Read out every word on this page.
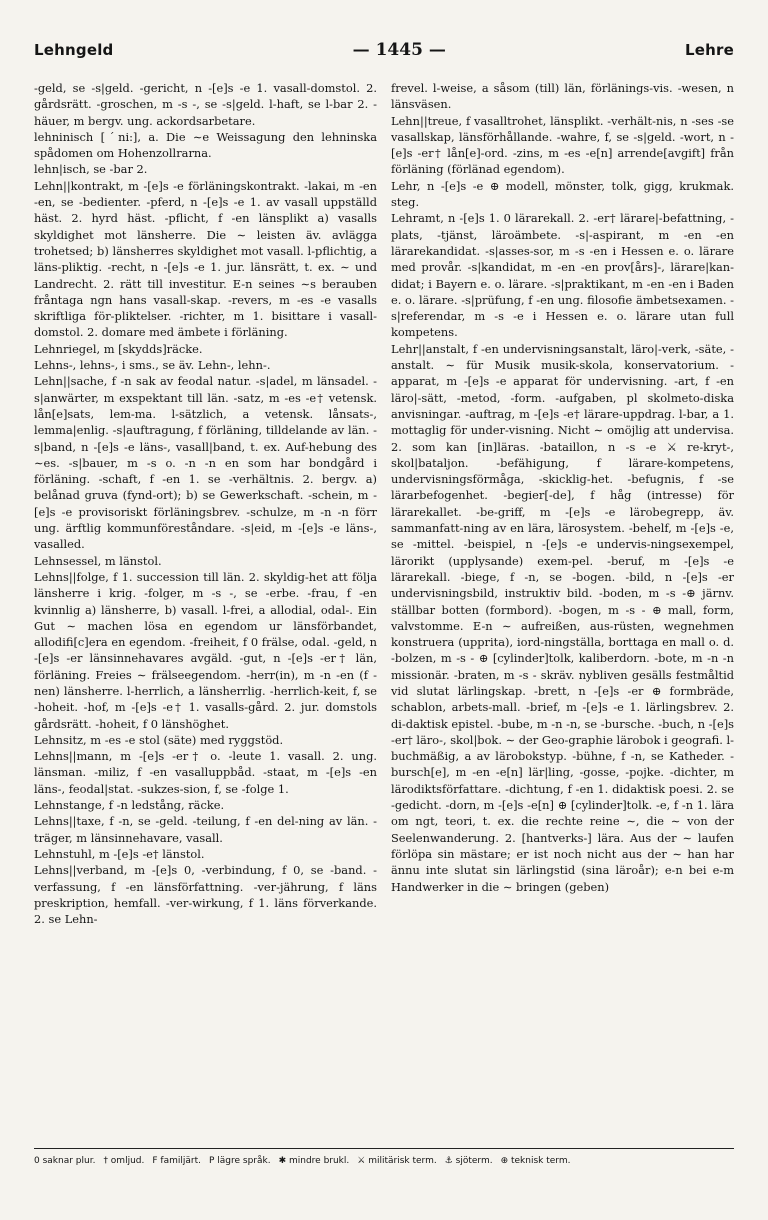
Lehngeld	— 1445 —	Lehre

-geld, se -s|geld. -gericht, n -[e]s -e 1. vasall-domstol. 2. gårdsrätt. -groschen, m -s -, se -s|geld. l-haft, se l-bar 2. -häuer, m bergv. ung. ackordsarbetare.

lehninisch [ˊni:], a. Die ∼e Weissagung den lehninska spådomen om Hohenzollrarna.

lehn|isch, se -bar 2.

Lehn||kontrakt, m -[e]s -e förläningskontrakt. -lakai, m -en -en, se -bedienter. -pferd, n -[e]s -e 1. av vasall uppställd häst. 2. hyrd häst. -pflicht, f -en länsplikt a) vasalls skyldighet mot länsherre. Die ∼ leisten äv. avlägga trohetsed; b) länsherres skyldighet mot vasall. l-pflichtig, a läns-pliktig. -recht, n -[e]s -e 1. jur. länsrätt, t. ex. ∼ und Landrecht. 2. rätt till investitur. E-n seines ∼s berauben fråntaga ngn hans vasall-skap. -revers, m -es -e vasalls skriftliga för-pliktelser. -richter, m 1. bisittare i vasall-domstol. 2. domare med ämbete i förläning.

Lehnriegel, m [skydds]räcke.

Lehns-, lehns-, i sms., se äv. Lehn-, lehn-.

Lehn||sache, f -n sak av feodal natur. -s|adel, m länsadel. -s|anwärter, m exspektant till län. -satz, m -es -e† vetensk. lån[e]sats, lem-ma. l-sätzlich, a vetensk. lånsats-, lemma|enlig. -s|auftragung, f förläning, tilldelande av län. -s|band, n -[e]s -e läns-, vasall|band, t. ex. Auf-hebung des ∼es. -s|bauer, m -s o. -n -n en som har bondgård i förläning. -schaft, f -en 1. se -verhältnis. 2. bergv. a) belånad gruva (fynd-ort); b) se Gewerkschaft. -schein, m -[e]s -e provisoriskt förläningsbrev. -schulze, m -n -n förr ung. ärftlig kommunföreståndare. -s|eid, m -[e]s -e läns-, vasalled.

Lehnsessel, m länstol.

Lehns||folge, f 1. succession till län. 2. skyldig-het att följa länsherre i krig. -folger, m -s -, se -erbe. -frau, f -en kvinnlig a) länsherre, b) vasall. l-frei, a allodial, odal-. Ein Gut ∼ machen lösa en egendom ur länsförbandet, allodifi[c]era en egendom. -freiheit, f 0 frälse, odal. -geld, n -[e]s -er länsinnehavares avgäld. -gut, n -[e]s -er† län, förläning. Freies ∼ frälseegendom. -herr(in), m -n -en (f -nen) länsherre. l-herrlich, a länsherrlig. -herrlich-keit, f, se -hoheit. -hof, m -[e]s -e† 1. vasalls-gård. 2. jur. domstols gårdsrätt. -hoheit, f 0 länshöghet.

Lehnsitz, m -es -e stol (säte) med ryggstöd.

Lehns||mann, m -[e]s -er† o. -leute 1. vasall. 2. ung. länsman. -miliz, f -en vasalluppbåd. -staat, m -[e]s -en läns-, feodal|stat. -sukzes-sion, f, se -folge 1.

Lehnstange, f -n ledstång, räcke.

Lehns||taxe, f -n, se -geld. -teilung, f -en del-ning av län. -träger, m länsinnehavare, vasall.

Lehnstuhl, m -[e]s -e† länstol.

Lehns||verband, m -[e]s 0, -verbindung, f 0, se -band. -verfassung, f -en länsförfattning. -ver-jährung, f läns preskription, hemfall. -ver-wirkung, f 1. läns förverkande. 2. se Lehn-

frevel. l-weise, a såsom (till) län, förlänings-vis. -wesen, n länsväsen.

Lehn||treue, f vasalltrohet, länsplikt. -verhält-nis, n -ses -se vasallskap, länsförhållande. -wahre, f, se -s|geld. -wort, n -[e]s -er† lån[e]-ord. -zins, m -es -e[n] arrende[avgift] från förläning (förlänad egendom).

Lehr, n -[e]s -e ⊕ modell, mönster, tolk, gigg, krukmak. steg.

Lehramt, n -[e]s 1. 0 lärarekall. 2. -er† lärare|-befattning, -plats, -tjänst, läroämbete. -s|-aspirant, m -en -en lärarekandidat. -s|asses-sor, m -s -en i Hessen e. o. lärare med provår. -s|kandidat, m -en -en prov[års]-, lärare|kan-didat; i Bayern e. o. lärare. -s|praktikant, m -en -en i Baden e. o. lärare. -s|prüfung, f -en ung. filosofie ämbetsexamen. -s|referendar, m -s -e i Hessen e. o. lärare utan full kompetens.

Lehr||anstalt, f -en undervisningsanstalt, läro|-verk, -säte, -anstalt. ∼ für Musik musik-skola, konservatorium. -apparat, m -[e]s -e apparat för undervisning. -art, f -en läro|-sätt, -metod, -form. -aufgaben, pl skolmeto-diska anvisningar. -auftrag, m -[e]s -e† lärare-uppdrag. l-bar, a 1. mottaglig för under-visning. Nicht ∼ omöjlig att undervisa. 2. som kan [in]läras. -bataillon, n -s -e ⚔ re-kryt-, skol|bataljon. -befähigung, f lärare-kompetens, undervisningsförmåga, -skicklig-het. -befugnis, f -se lärarbefogenhet. -begier[-de], f håg (intresse) för lärarekallet. -be-griff, m -[e]s -e lärobegrepp, äv. sammanfatt-ning av en lära, lärosystem. -behelf, m -[e]s -e, se -mittel. -beispiel, n -[e]s -e undervis-ningsexempel, lärorikt (upplysande) exem-pel. -beruf, m -[e]s -e lärarekall. -biege, f -n, se -bogen. -bild, n -[e]s -er undervisningsbild, instruktiv bild. -boden, m -s -⊕ järnv. ställbar botten (formbord). -bogen, m -s - ⊕ mall, form, valvstomme. E-n ∼ aufreißen, aus-rüsten, wegnehmen konstruera (upprita), iord-ningställa, borttaga en mall o. d. -bolzen, m -s - ⊕ [cylinder]tolk, kaliberdorn. -bote, m -n -n missionär. -braten, m -s - skräv. nybliven gesälls festmåltid vid slutat lärlingskap. -brett, n -[e]s -er ⊕ formbräde, schablon, arbets-mall. -brief, m -[e]s -e 1. lärlingsbrev. 2. di-daktisk epistel. -bube, m -n -n, se -bursche. -buch, n -[e]s -er† läro-, skol|bok. ∼ der Geo-graphie lärobok i geografi. l-buchmäßig, a av lärobokstyp. -bühne, f -n, se Katheder. -bursch[e], m -en -e[n] lär|ling, -gosse, -pojke. -dichter, m lärodiktsförfattare. -dichtung, f -en 1. didaktisk poesi. 2. se -gedicht. -dorn, m -[e]s -e[n] ⊕ [cylinder]tolk. -e, f -n 1. lära om ngt, teori, t. ex. die rechte reine ∼, die ∼ von der Seelenwanderung. 2. [hantverks-] lära. Aus der ∼ laufen förlöpa sin mästare; er ist noch nicht aus der ∼ han har ännu inte slutat sin lärlingstid (sina läroår); e-n bei e-m Handwerker in die ∼ bringen (geben)

0 saknar plur. † omljud. F familjärt. P lägre språk. ✱ mindre brukl. ⚔ militärisk term. ⚓ sjöterm. ⊕ teknisk term.
